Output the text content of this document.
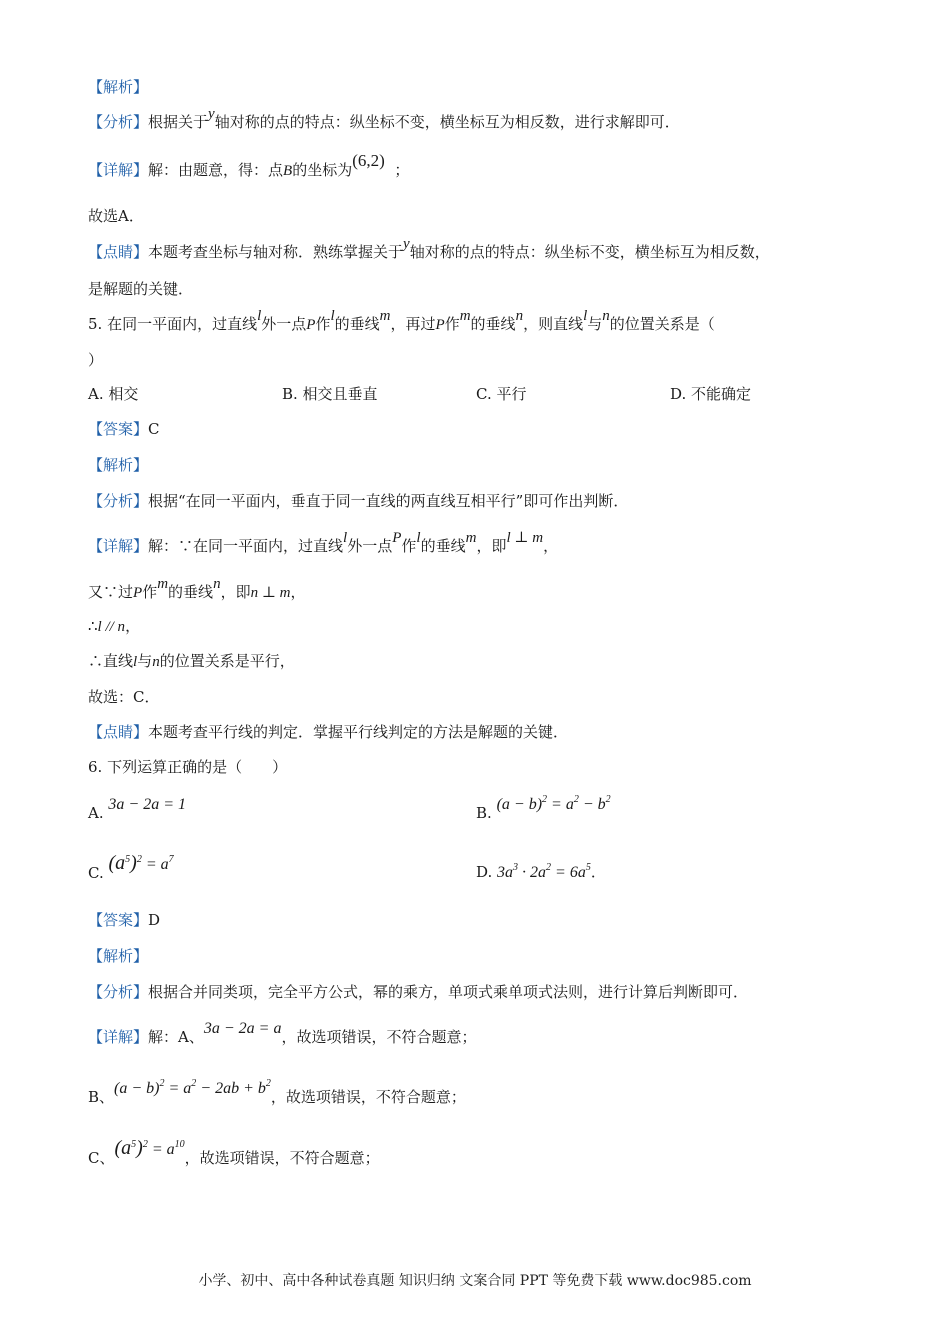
【解析】
【分析】根据关于y轴对称的点的特点：纵坐标不变，横坐标互为相反数，进行求解即可．
【详解】解：由题意，得：点B的坐标为(6,2) ；
故选A．
【点睛】本题考查坐标与轴对称．熟练掌握关于y轴对称的点的特点：纵坐标不变，横坐标互为相反数，
是解题的关键．
5. 在同一平面内，过直线l外一点P作l的垂线m，再过P作m的垂线n，则直线l与n的位置关系是（
）
A. 相交	B. 相交且垂直	C. 平行	D. 不能确定
【答案】C
【解析】
【分析】根据“在同一平面内，垂直于同一直线的两直线互相平行”即可作出判断．
【详解】解：∵在同一平面内，过直线l外一点P作l的垂线m，即l ⊥ m，
又∵过P作m的垂线n，即n ⊥ m，
∴l // n，
∴直线l与n的位置关系是平行，
故选：C．
【点睛】本题考查平行线的判定．掌握平行线判定的方法是解题的关键．
6. 下列运算正确的是（　　）
A. 3a − 2a = 1	B. $(a - b)^2 = a^2 - b^2$
C. $(a^5)^2 = a^7$
D. $3a^3 \cdot 2a^2 = 6a^5$．
【答案】D
【解析】
【分析】根据合并同类项，完全平方公式，幂的乘方，单项式乘单项式法则，进行计算后判断即可．
【详解】解：A、3a − 2a = a，故选项错误，不符合题意；
B、$(a - b)^2 = a^2 - 2ab + b^2$，故选项错误，不符合题意；
C、$(a^5)^2 = a^{10}$，故选项错误，不符合题意；
小学、初中、高中各种试卷真题 知识归纳 文案合同 PPT 等免费下载 www.doc985.com
